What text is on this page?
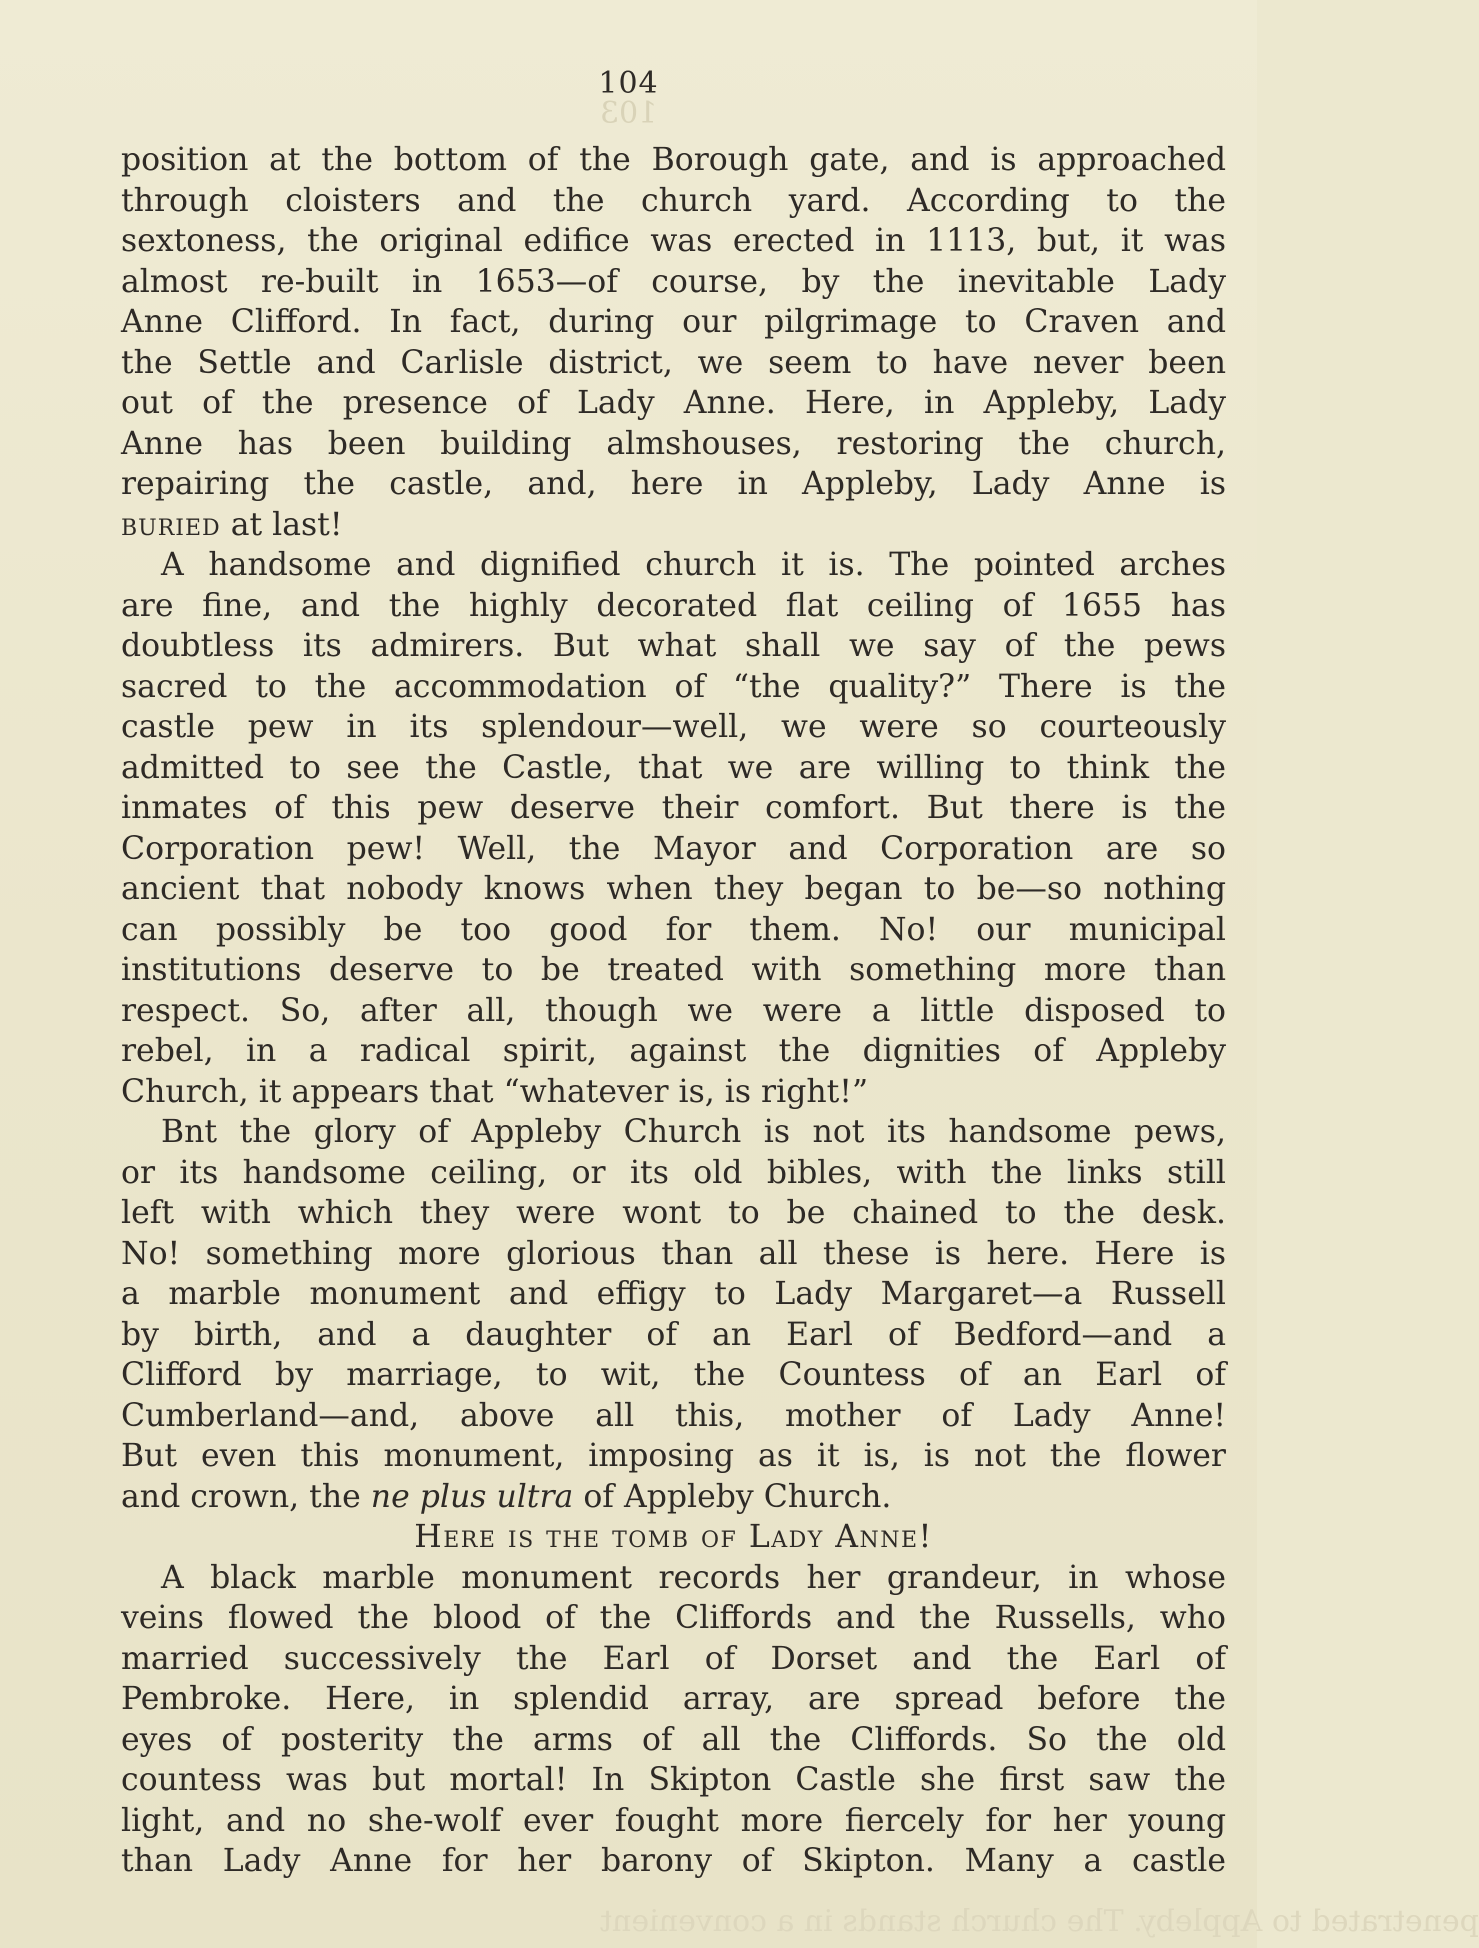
103
104
position at the bottom of the Borough gate, and is approached
through cloisters and the church yard. According to the
sextoness, the original edifice was erected in 1113, but, it was
almost re-built in 1653—of course, by the inevitable Lady
Anne Clifford. In fact, during our pilgrimage to Craven and
the Settle and Carlisle district, we seem to have never been
out of the presence of Lady Anne. Here, in Appleby, Lady
Anne has been building almshouses, restoring the church,
repairing the castle, and, here in Appleby, Lady Anne is
buried at last!
A handsome and dignified church it is. The pointed arches
are fine, and the highly decorated flat ceiling of 1655 has
doubtless its admirers. But what shall we say of the pews
sacred to the accommodation of “the quality?” There is the
castle pew in its splendour—well, we were so courteously
admitted to see the Castle, that we are willing to think the
inmates of this pew deserve their comfort. But there is the
Corporation pew! Well, the Mayor and Corporation are so
ancient that nobody knows when they began to be—so nothing
can possibly be too good for them. No! our municipal
institutions deserve to be treated with something more than
respect. So, after all, though we were a little disposed to
rebel, in a radical spirit, against the dignities of Appleby
Church, it appears that “whatever is, is right!”
Bnt the glory of Appleby Church is not its handsome pews,
or its handsome ceiling, or its old bibles, with the links still
left with which they were wont to be chained to the desk.
No! something more glorious than all these is here. Here is
a marble monument and effigy to Lady Margaret—a Russell
by birth, and a daughter of an Earl of Bedford—and a
Clifford by marriage, to wit, the Countess of an Earl of
Cumberland—and, above all this, mother of Lady Anne!
But even this monument, imposing as it is, is not the flower
and crown, the ne plus ultra of Appleby Church.
Here is the tomb of Lady Anne!
A black marble monument records her grandeur, in whose
veins flowed the blood of the Cliffords and the Russells, who
married successively the Earl of Dorset and the Earl of
Pembroke. Here, in splendid array, are spread before the
eyes of posterity the arms of all the Cliffords. So the old
countess was but mortal! In Skipton Castle she first saw the
light, and no she-wolf ever fought more fiercely for her young
than Lady Anne for her barony of Skipton. Many a castle
penetrated to Appleby. The church stands in a convenient
